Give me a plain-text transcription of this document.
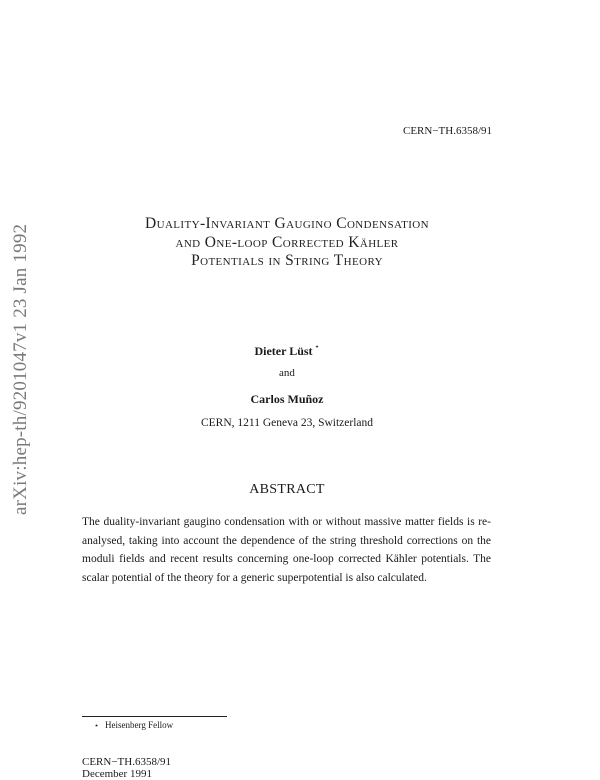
arXiv:hep-th/9201047v1 23 Jan 1992
CERN−TH.6358/91
Duality-Invariant Gaugino Condensation
and One-loop Corrected Kähler
Potentials in String Theory
Dieter Lüst ⋆
and
Carlos Muñoz
CERN, 1211 Geneva 23, Switzerland
ABSTRACT
The duality-invariant gaugino condensation with or without massive matter fields is re-analysed, taking into account the dependence of the string threshold corrections on the moduli fields and recent results concerning one-loop corrected Kähler potentials. The scalar potential of the theory for a generic superpotential is also calculated.
⋆ Heisenberg Fellow
CERN−TH.6358/91
December 1991
